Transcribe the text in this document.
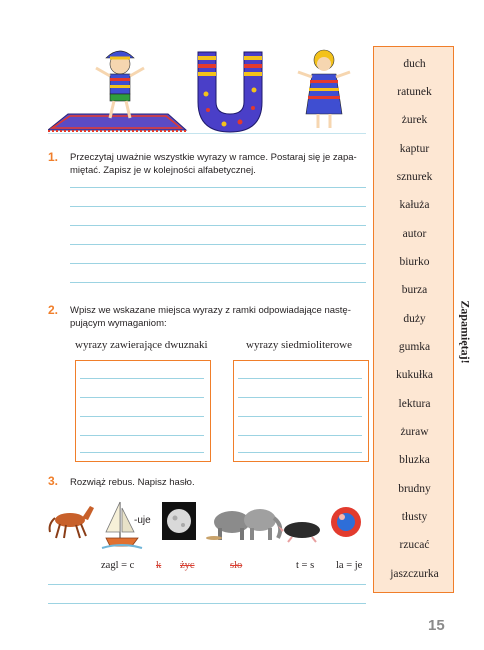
1. Przeczytaj uważnie wszystkie wyrazy w ramce. Postaraj się je zapa-
miętać. Zapisz je w kolejności alfabetycznej.
2. Wpisz we wskazane miejsca wyrazy z ramki odpowiadające nastę-
pującym wymaganiom:
wyrazy zawierające dwuznaki	wyrazy siedmioliterowe
3. Rozwiąż rebus. Napisz hasło.
-uje
zagl = c k życ	sło	t = s la = je
duch
ratunek
żurek
kaptur
sznurek
kałuża
autor
biurko
burza
duży
gumka
kukułka
lektura
żuraw
bluzka
brudny
tłusty
rzucać
jaszczurka
Zapamiętaj!
15
